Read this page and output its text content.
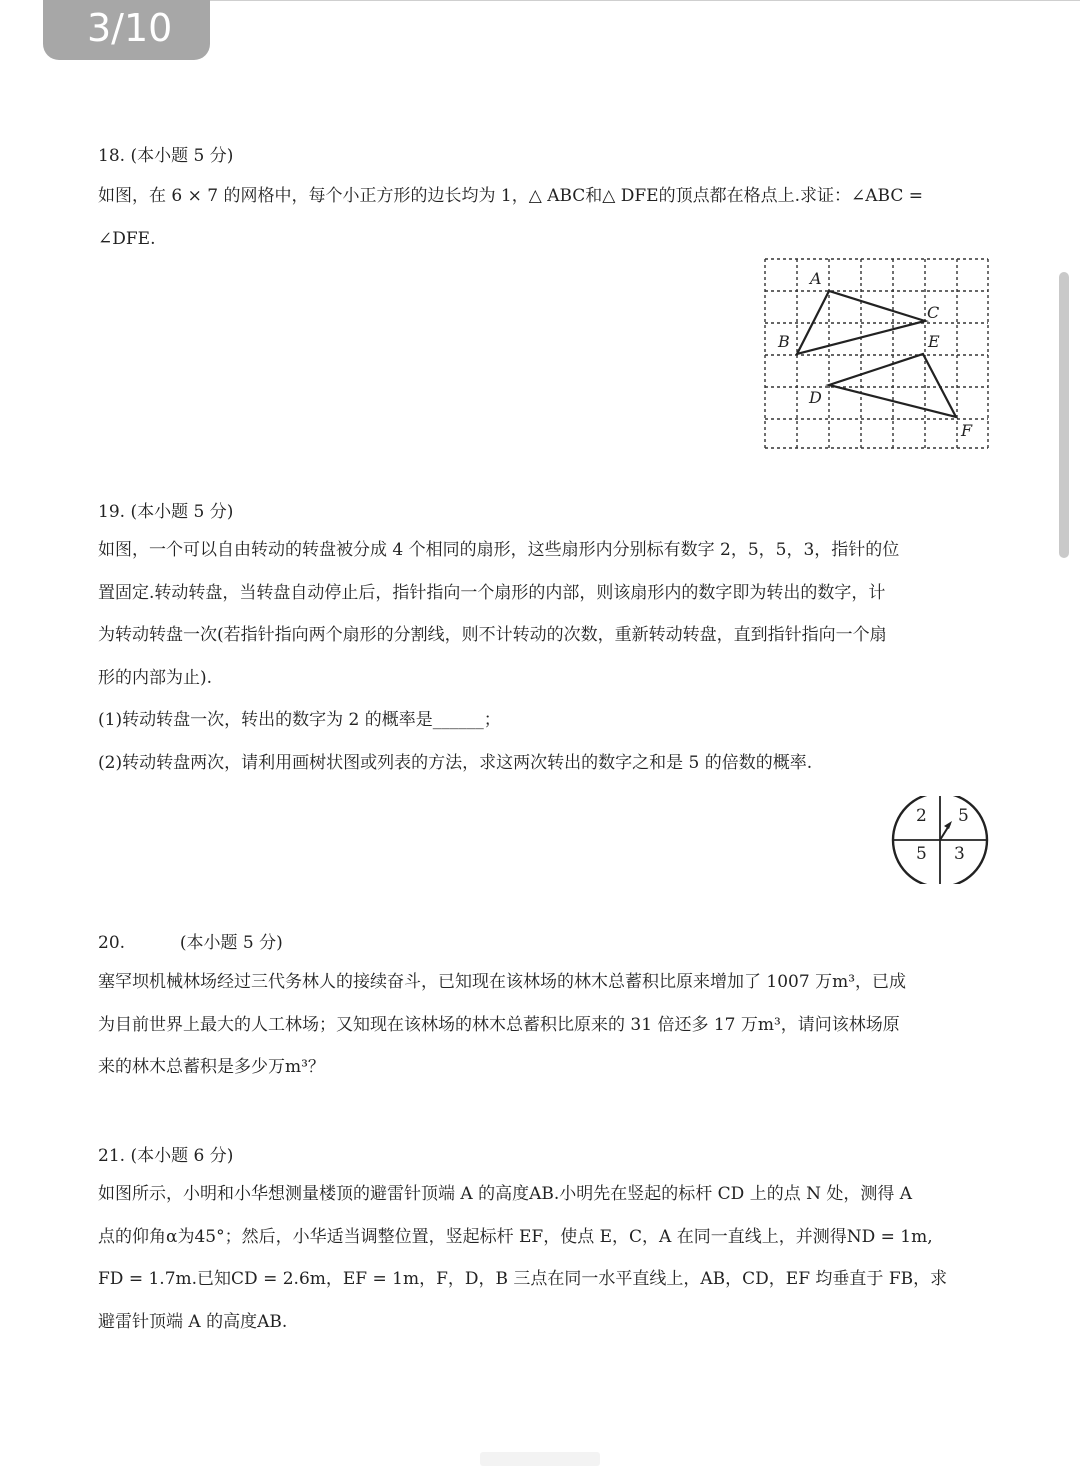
3/10
18. (本小题 5 分)
如图，在 6 × 7 的网格中，每个小正方形的边长均为 1，△ ABC和△ DFE的顶点都在格点上.求证：∠ABC =
∠DFE.
A
B
C
D
E
F
19. (本小题 5 分)
如图，一个可以自由转动的转盘被分成 4 个相同的扇形，这些扇形内分别标有数字 2，5，5，3，指针的位
置固定.转动转盘，当转盘自动停止后，指针指向一个扇形的内部，则该扇形内的数字即为转出的数字，计
为转动转盘一次(若指针指向两个扇形的分割线，则不计转动的次数，重新转动转盘，直到指针指向一个扇
形的内部为止).
(1)转动转盘一次，转出的数字为 2 的概率是______；
(2)转动转盘两次，请利用画树状图或列表的方法，求这两次转出的数字之和是 5 的倍数的概率.
2 5
5 3
20.	(本小题 5 分)
塞罕坝机械林场经过三代务林人的接续奋斗，已知现在该林场的林木总蓄积比原来增加了 1007 万m³，已成
为目前世界上最大的人工林场；又知现在该林场的林木总蓄积比原来的 31 倍还多 17 万m³，请问该林场原
来的林木总蓄积是多少万m³？
21. (本小题 6 分)
如图所示，小明和小华想测量楼顶的避雷针顶端 A 的高度AB.小明先在竖起的标杆 CD 上的点 N 处，测得 A
点的仰角α为45°；然后，小华适当调整位置，竖起标杆 EF，使点 E，C，A 在同一直线上，并测得ND = 1m,
FD = 1.7m.已知CD = 2.6m，EF = 1m，F，D，B 三点在同一水平直线上，AB，CD，EF 均垂直于 FB，求
避雷针顶端 A 的高度AB.
